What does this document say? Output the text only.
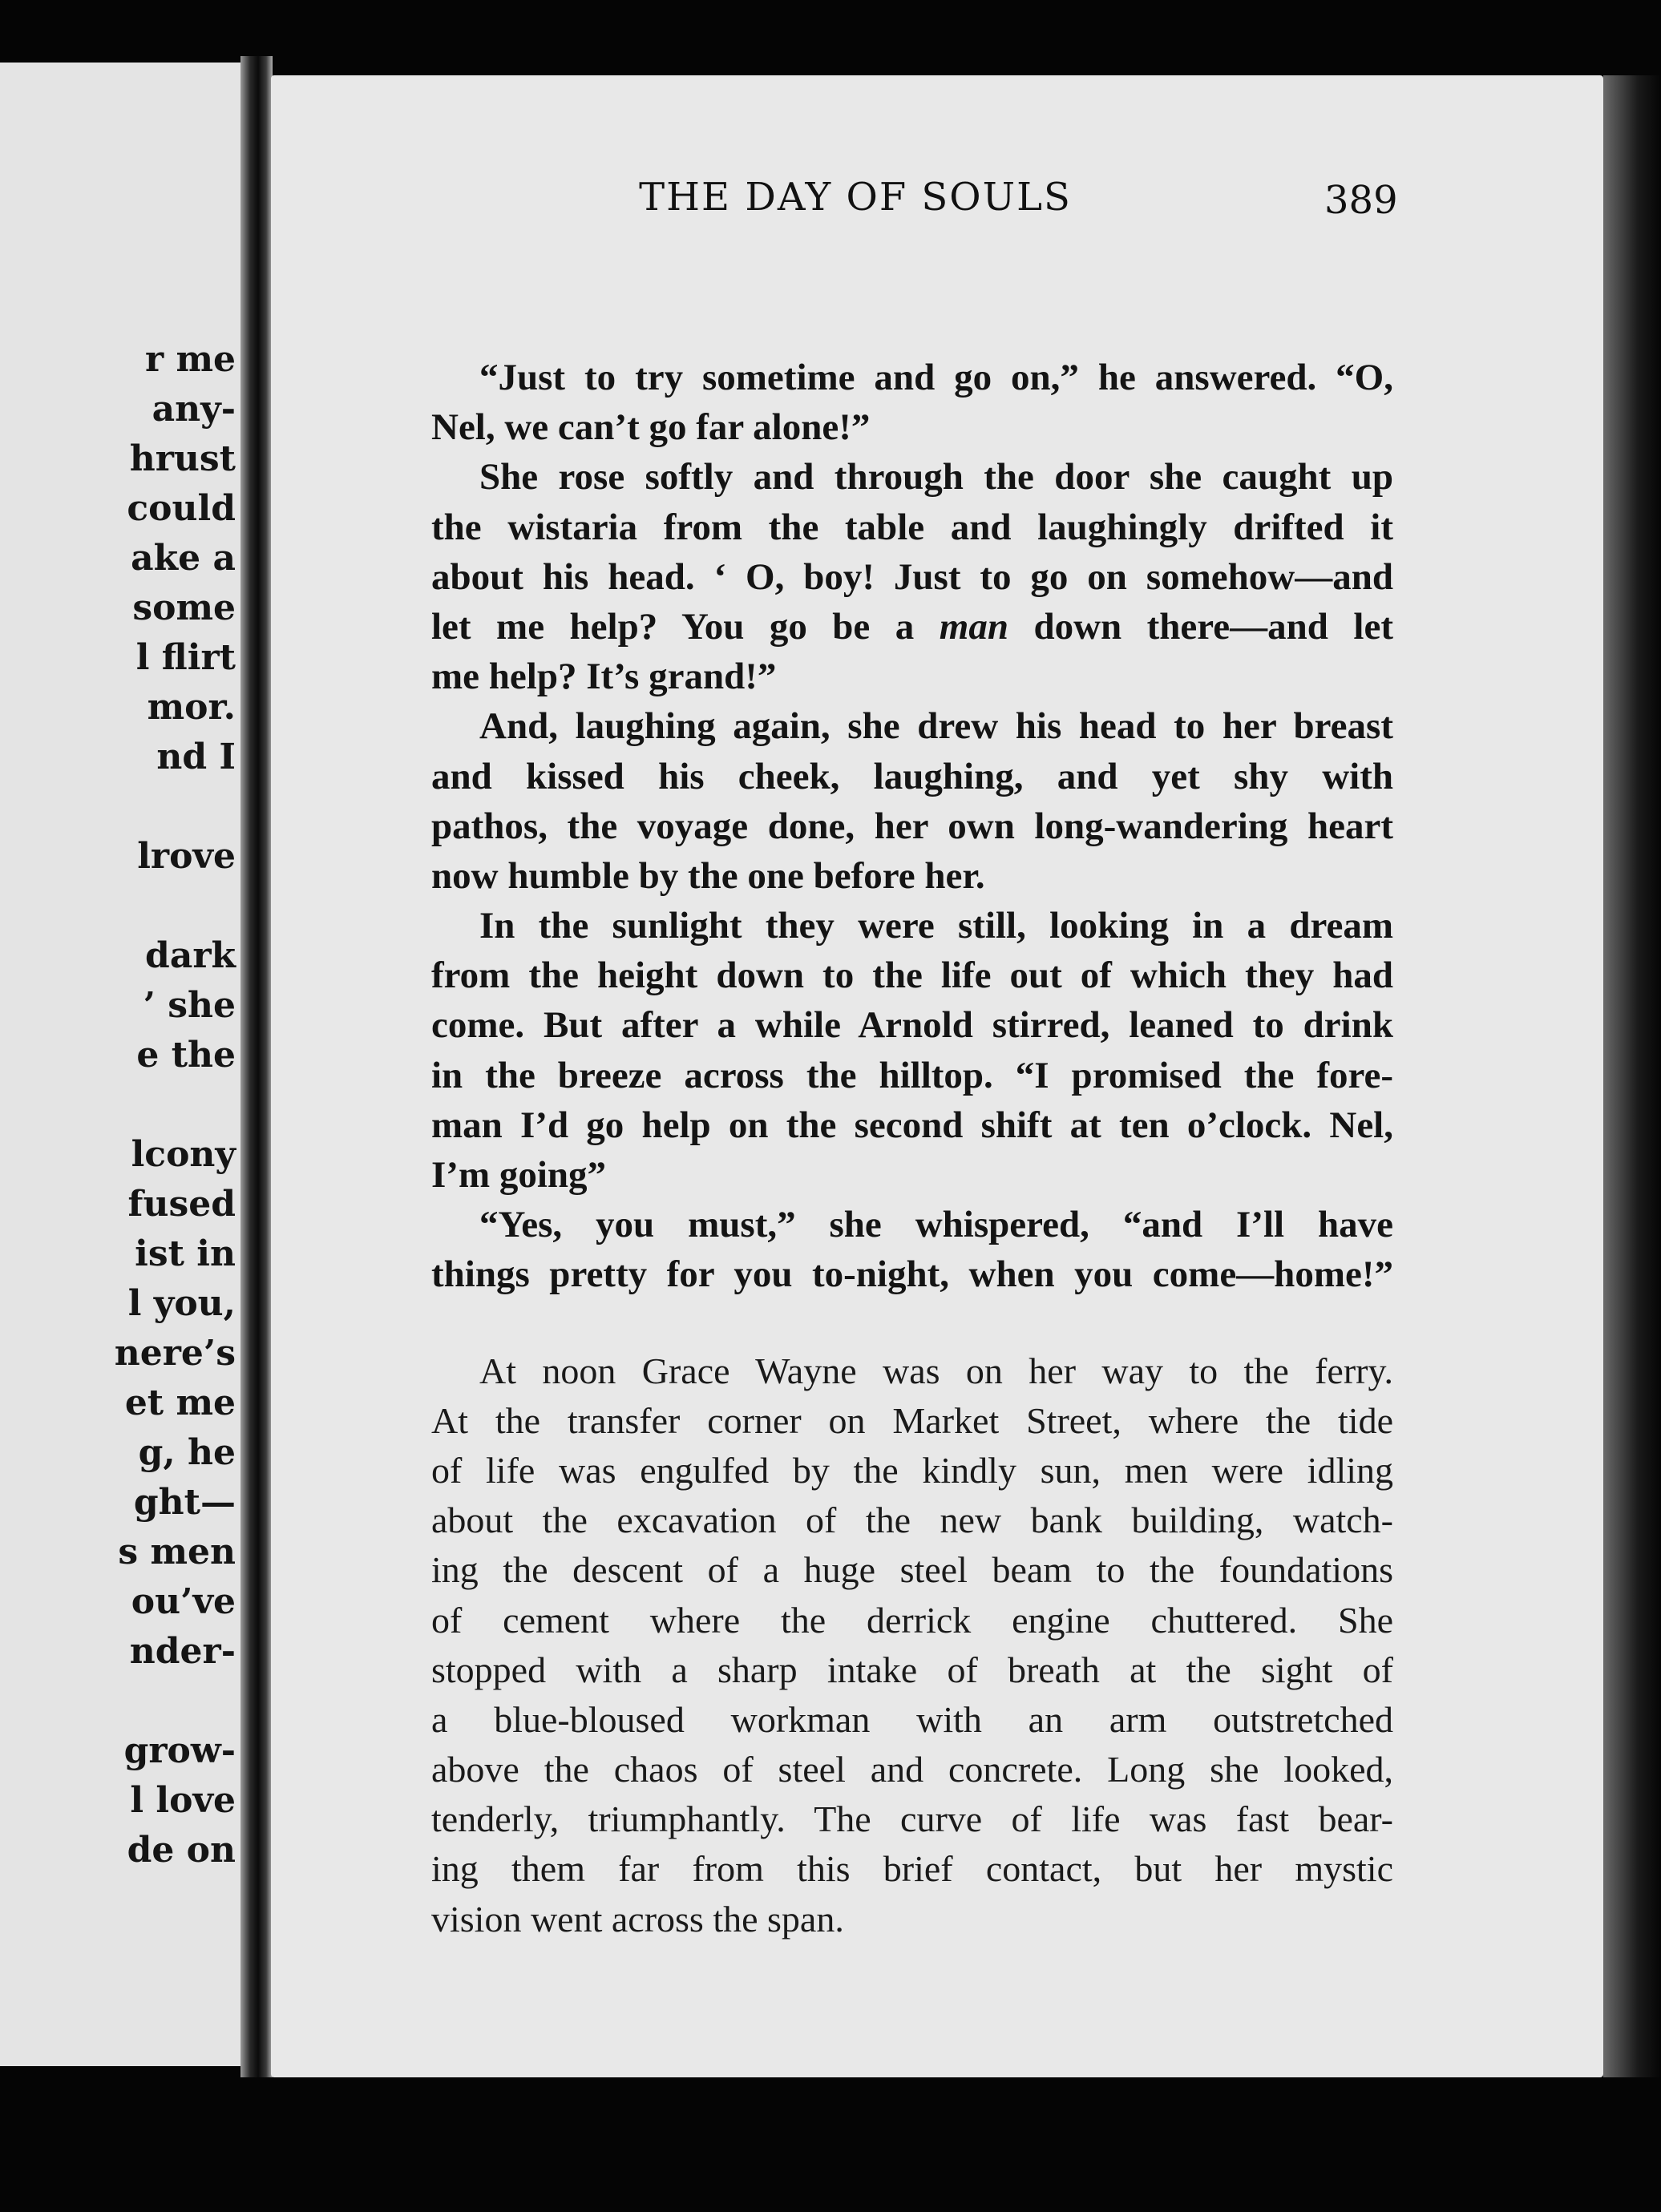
r me
any-
hrust
could
ake a
some
l flirt
mor.
nd I
lrove
dark
’ she
e the
lcony
fused
ist in
l you,
nere’s
et me
g, he
ght—
s men
ou’ve
nder-
grow-
l love
de on
THE DAY OF SOULS	389
“Just to try sometime and go on,” he answered. “O,
Nel, we can’t go far alone!”
She rose softly and through the door she caught up
the wistaria from the table and laughingly drifted it
about his head. ‘ O, boy! Just to go on somehow—and
let me help? You go be a man down there—and let
me help? It’s grand!”
And, laughing again, she drew his head to her breast
and kissed his cheek, laughing, and yet shy with
pathos, the voyage done, her own long-wandering heart
now humble by the one before her.
In the sunlight they were still, looking in a dream
from the height down to the life out of which they had
come. But after a while Arnold stirred, leaned to drink
in the breeze across the hilltop. “I promised the fore-
man I’d go help on the second shift at ten o’clock. Nel,
I’m going”
“Yes, you must,” she whispered, “and I’ll have
things pretty for you to-night, when you come—home!”
At noon Grace Wayne was on her way to the ferry.
At the transfer corner on Market Street, where the tide
of life was engulfed by the kindly sun, men were idling
about the excavation of the new bank building, watch-
ing the descent of a huge steel beam to the foundations
of cement where the derrick engine chuttered. She
stopped with a sharp intake of breath at the sight of
a blue-bloused workman with an arm outstretched
above the chaos of steel and concrete. Long she looked,
tenderly, triumphantly. The curve of life was fast bear-
ing them far from this brief contact, but her mystic
vision went across the span.
